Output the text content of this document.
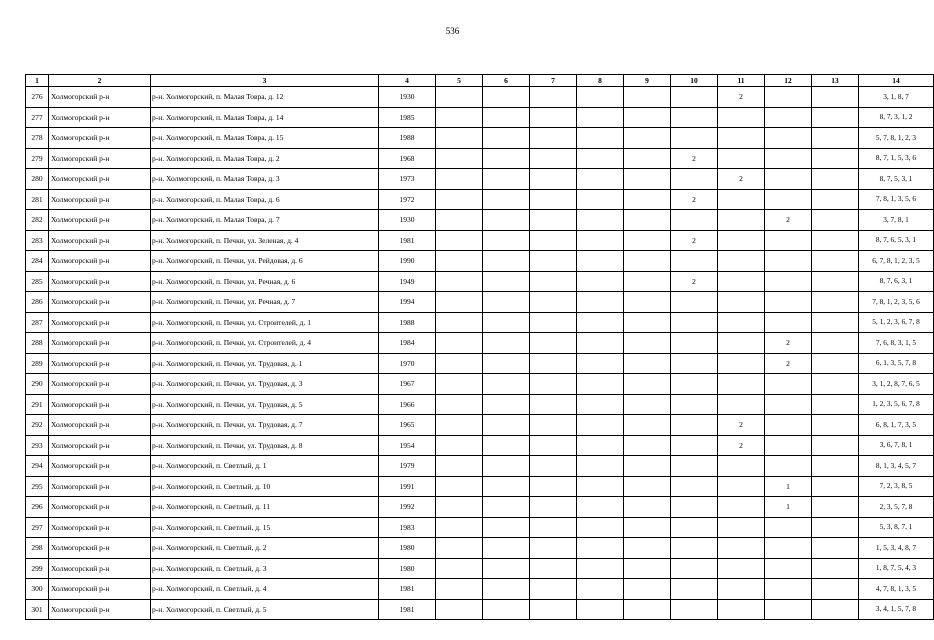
536
1	2	3	4	5	6	7	8	9	10	11	12	13	14
276	Холмогорский р-н	р-н. Холмогорский, п. Малая Товра, д. 12	1930							2			3, 1, 8, 7
277	Холмогорский р-н	р-н. Холмогорский, п. Малая Товра, д. 14	1985										8, 7, 3, 1, 2
278	Холмогорский р-н	р-н. Холмогорский, п. Малая Товра, д. 15	1988										5, 7, 8, 1, 2, 3
279	Холмогорский р-н	р-н. Холмогорский, п. Малая Товра, д. 2	1968						2				8, 7, 1, 5, 3, 6
280	Холмогорский р-н	р-н. Холмогорский, п. Малая Товра, д. 3	1973							2			8, 7, 5, 3, 1
281	Холмогорский р-н	р-н. Холмогорский, п. Малая Товра, д. 6	1972						2				7, 8, 1, 3, 5, 6
282	Холмогорский р-н	р-н. Холмогорский, п. Малая Товра, д. 7	1930								2		3, 7, 8, 1
283	Холмогорский р-н	р-н. Холмогорский, п. Печки, ул. Зеленая, д. 4	1981						2				8, 7, 6, 5, 3, 1
284	Холмогорский р-н	р-н. Холмогорский, п. Печки, ул. Рейдовая, д. 6	1990										6, 7, 8, 1, 2, 3, 5
285	Холмогорский р-н	р-н. Холмогорский, п. Печки, ул. Речная, д. 6	1949						2				8, 7, 6, 3, 1
286	Холмогорский р-н	р-н. Холмогорский, п. Печки, ул. Речная, д. 7	1994										7, 8, 1, 2, 3, 5, 6
287	Холмогорский р-н	р-н. Холмогорский, п. Печки, ул. Строителей, д. 1	1988										5, 1, 2, 3, 6, 7, 8
288	Холмогорский р-н	р-н. Холмогорский, п. Печки, ул. Строителей, д. 4	1984								2		7, 6, 8, 3, 1, 5
289	Холмогорский р-н	р-н. Холмогорский, п. Печки, ул. Трудовая, д. 1	1970								2		6, 1, 3, 5, 7, 8
290	Холмогорский р-н	р-н. Холмогорский, п. Печки, ул. Трудовая, д. 3	1967										3, 1, 2, 8, 7, 6, 5
291	Холмогорский р-н	р-н. Холмогорский, п. Печки, ул. Трудовая, д. 5	1966										1, 2, 3, 5, 6, 7, 8
292	Холмогорский р-н	р-н. Холмогорский, п. Печки, ул. Трудовая, д. 7	1965							2			6, 8, 1, 7, 3, 5
293	Холмогорский р-н	р-н. Холмогорский, п. Печки, ул. Трудовая, д. 8	1954							2			3, 6, 7, 8, 1
294	Холмогорский р-н	р-н. Холмогорский, п. Светлый, д. 1	1979										8, 1, 3, 4, 5, 7
295	Холмогорский р-н	р-н. Холмогорский, п. Светлый, д. 10	1991								1		7, 2, 3, 8, 5
296	Холмогорский р-н	р-н. Холмогорский, п. Светлый, д. 11	1992								1		2, 3, 5, 7, 8
297	Холмогорский р-н	р-н. Холмогорский, п. Светлый, д. 15	1983										5, 3, 8, 7, 1
298	Холмогорский р-н	р-н. Холмогорский, п. Светлый, д. 2	1980										1, 5, 3, 4, 8, 7
299	Холмогорский р-н	р-н. Холмогорский, п. Светлый, д. 3	1980										1, 8, 7, 5, 4, 3
300	Холмогорский р-н	р-н. Холмогорский, п. Светлый, д. 4	1981										4, 7, 8, 1, 3, 5
301	Холмогорский р-н	р-н. Холмогорский, п. Светлый, д. 5	1981										3, 4, 1, 5, 7, 8
